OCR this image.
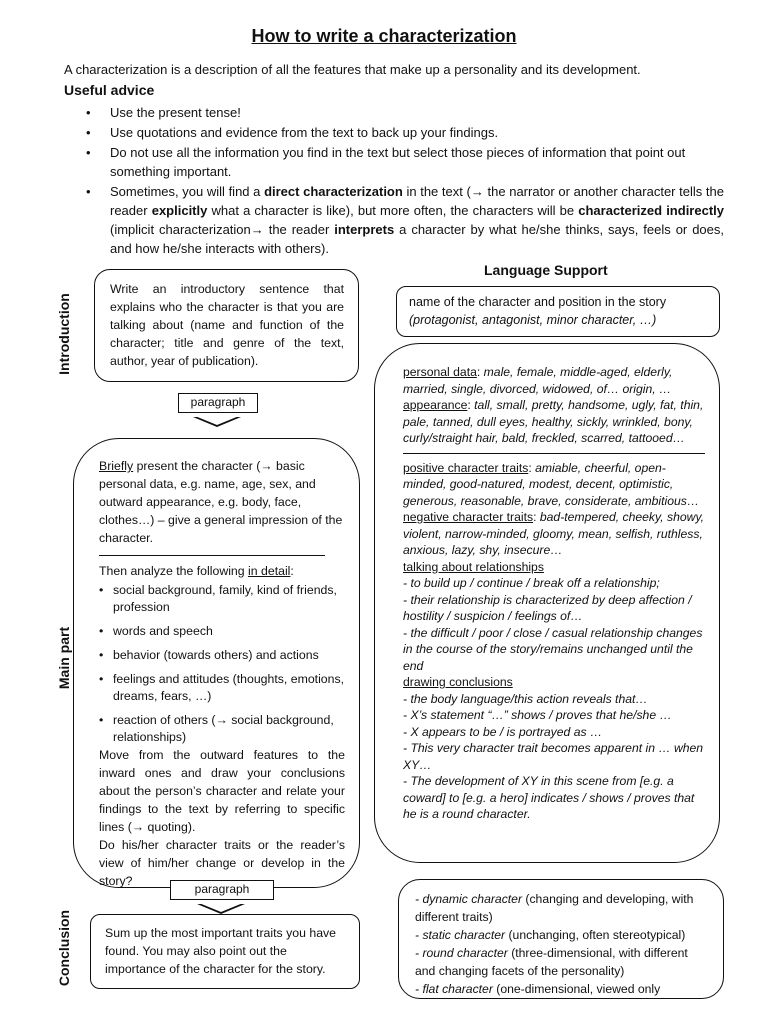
How to write a characterization
A characterization is a description of all the features that make up a personality and its development.
Useful advice
• Use the present tense!
• Use quotations and evidence from the text to back up your findings.
• Do not use all the information you find in the text but select those pieces of information that point out something important.
• Sometimes, you will find a direct characterization in the text (→ the narrator or another character tells the reader explicitly what a character is like), but more often, the characters will be characterized indirectly (implicit characterization→ the reader interprets a character by what he/she thinks, says, feels or does, and how he/she interacts with others).
Language Support
Introduction
Main part
Conclusion
Write an introductory sentence that explains who the character is that you are talking about (name and function of the character; title and genre of the text, author, year of publication).
paragraph
Briefly present the character (→ basic personal data, e.g. name, age, sex, and outward appearance, e.g. body, face, clothes…) – give a general impression of the character.
Then analyze the following in detail:
• social background, family, kind of friends, profession
• words and speech
• behavior (towards others) and actions
• feelings and attitudes (thoughts, emotions, dreams, fears, …)
• reaction of others (→ social background, relationships)
Move from the outward features to the inward ones and draw your conclusions about the person’s character and relate your findings to the text by referring to specific lines (→ quoting).
Do his/her character traits or the reader’s view of him/her change or develop in the story?
paragraph
Sum up the most important traits you have found. You may also point out the importance of the character for the story.
name of the character and position in the story
(protagonist, antagonist, minor character, …)
personal data: male, female, middle-aged, elderly, married, single, divorced, widowed, of… origin, …
appearance: tall, small, pretty, handsome, ugly, fat, thin, pale, tanned, dull eyes, healthy, sickly, wrinkled, bony, curly/straight hair, bald, freckled, scarred, tattooed…
positive character traits: amiable, cheerful, open-minded, good-natured, modest, decent, optimistic, generous, reasonable, brave, considerate, ambitious…
negative character traits: bad-tempered, cheeky, showy, violent, narrow-minded, gloomy, mean, selfish, ruthless, anxious, lazy, shy, insecure…
talking about relationships
- to build up / continue / break off a relationship;
- their relationship is characterized by deep affection / hostility / suspicion / feelings of…
- the difficult / poor / close / casual relationship changes in the course of the story/remains unchanged until the end
drawing conclusions
- the body language/this action reveals that…
- X’s statement “…” shows / proves that he/she …
- X appears to be / is portrayed as …
- This very character trait becomes apparent in … when XY…
- The development of XY in this scene from [e.g. a coward] to [e.g. a hero] indicates / shows / proves that he is a round character.
- dynamic character (changing and developing, with different traits)
- static character (unchanging, often stereotypical)
- round character (three-dimensional, with different and changing facets of the personality)
- flat character (one-dimensional, viewed only
